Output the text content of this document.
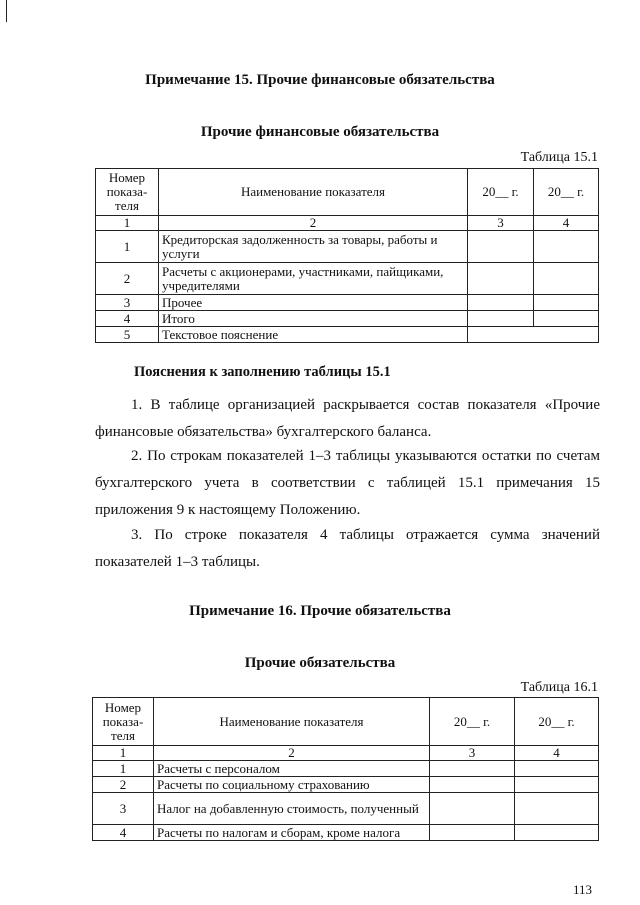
Примечание 15. Прочие финансовые обязательства
Прочие финансовые обязательства
Таблица 15.1
Номер показа-теля	Наименование показателя	20__ г.	20__ г.
1	2	3	4
1	Кредиторская задолженность за товары, работы и услуги		
2	Расчеты с акционерами, участниками, пайщиками, учредителями		
3	Прочее		
4	Итого		
5	Текстовое пояснение		
Пояснения к заполнению таблицы 15.1
1. В таблице организацией раскрывается состав показателя «Прочие финансовые обязательства» бухгалтерского баланса.
2. По строкам показателей 1–3 таблицы указываются остатки по счетам бухгалтерского учета в соответствии с таблицей 15.1 примечания 15 приложения 9 к настоящему Положению.
3. По строке показателя 4 таблицы отражается сумма значений показателей 1–3 таблицы.
Примечание 16. Прочие обязательства
Прочие обязательства
Таблица 16.1
Номер показа-теля	Наименование показателя	20__ г.	20__ г.
1	2	3	4
1	Расчеты с персоналом		
2	Расчеты по социальному страхованию		
3	Налог на добавленную стоимость, полученный		
4	Расчеты по налогам и сборам, кроме налога		
113
